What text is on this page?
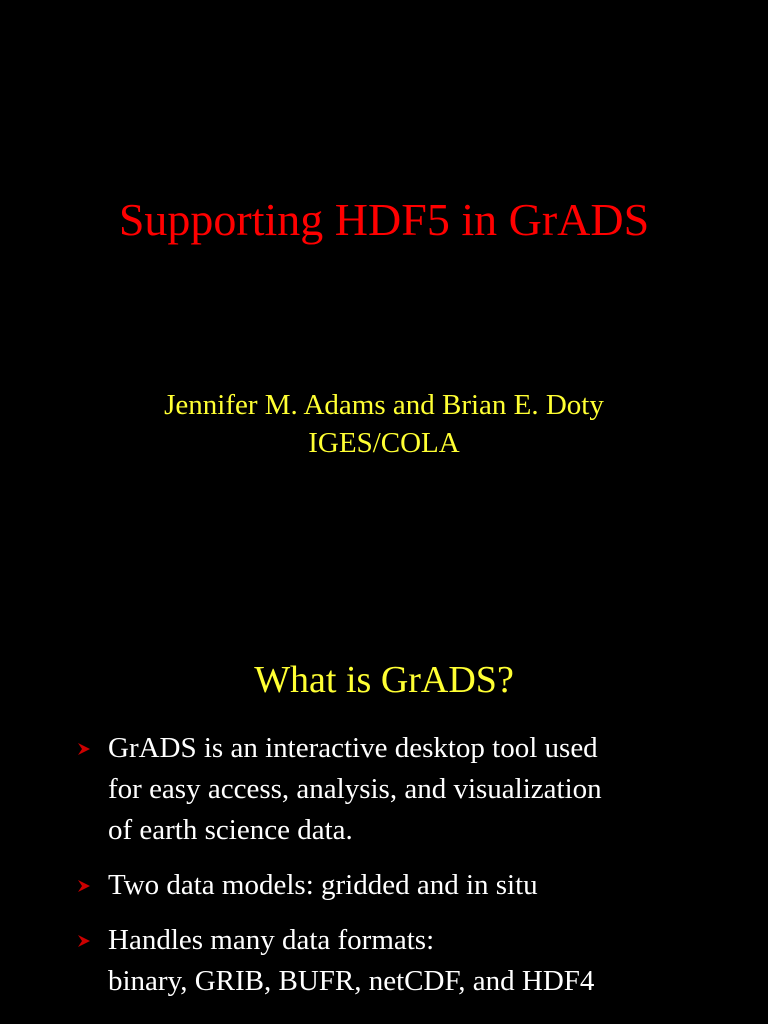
Supporting HDF5 in GrADS
Jennifer M. Adams and Brian E. Doty
IGES/COLA
What is GrADS?
GrADS is an interactive desktop tool used
for easy access, analysis, and visualization
of earth science data.
Two data models: gridded and in situ
Handles many data formats:
binary, GRIB, BUFR, netCDF, and HDF4
